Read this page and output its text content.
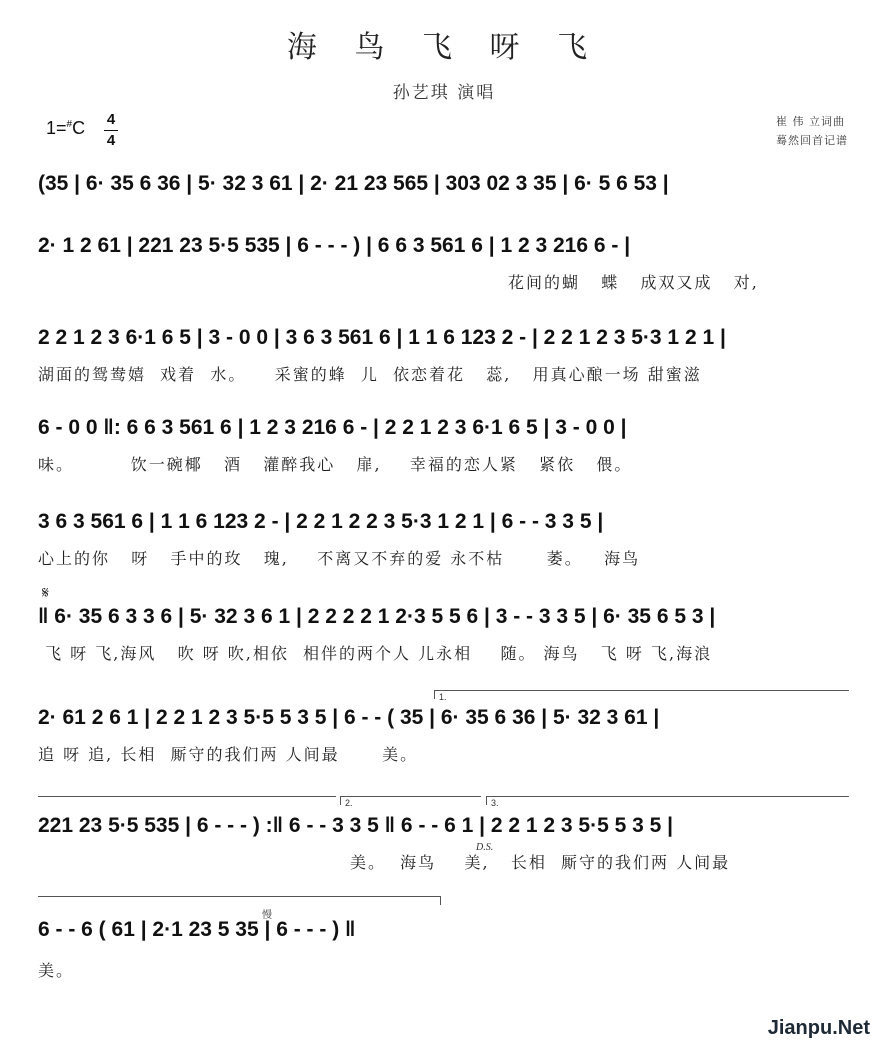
海 鸟 飞 呀 飞
孙艺琪 演唱
1=#C 4
4
崔 伟 立词曲
蓦然回首记谱
(35 | 6· 35 6 36 | 5· 32 3 61 | 2· 21 23 565 | 303 02 3 35 | 6· 5 6 53 |
2· 1 2 61 | 221 23 5·5 535 | 6 - - - ) | 6 6 3 561 6 | 1 2 3 216 6 - |
花间的蝴   蝶   成双又成   对,
2 2 1 2 3 6·1 6 5 | 3 - 0 0 | 3 6 3 561 6 | 1 1 6 123 2 - | 2 2 1 2 3 5·3 1 2 1 |
湖面的鸳鸯嬉  戏着  水。    采蜜的蜂  儿  依恋着花   蕊,   用真心酿一场 甜蜜滋
6 - 0 0 ‖: 6 6 3 561 6 | 1 2 3 216 6 - | 2 2 1 2 3 6·1 6 5 | 3 - 0 0 |
味。        饮一碗椰   酒   灌醉我心   扉,    幸福的恋人紧   紧依   偎。
3 6 3 561 6 | 1 1 6 123 2 - | 2 2 1 2 2 3 5·3 1 2 1 | 6 - - 3 3 5 |
心上的你   呀   手中的玫   瑰,    不离又不弃的爱 永不枯      萎。   海鸟
𝄋
‖ 6· 35 6 3 3 6 | 5· 32 3 6 1 | 2 2 2 2 1 2·3 5 5 6 | 3 - - 3 3 5 | 6· 35 6 5 3 |
飞 呀 飞,海风   吹 呀 吹,相依  相伴的两个人 儿永相    随。 海鸟   飞 呀 飞,海浪
1.
2· 61 2 6 1 | 2 2 1 2 3 5·5 5 3 5 | 6 - - ( 35 | 6· 35 6 36 | 5· 32 3 61 |
追 呀 追, 长相  厮守的我们两 人间最      美。
2.	3.
D.S.
221 23 5·5 535 | 6 - - - ) :‖ 6 - - 3 3 5 ‖ 6 - - 6 1 | 2 2 1 2 3 5·5 5 3 5 |
美。  海鸟    美,   长相  厮守的我们两 人间最
慢
6 - - 6 ( 61 | 2·1 23 5 35 | 6 - - - ) ‖
美。
Jianpu.Net
